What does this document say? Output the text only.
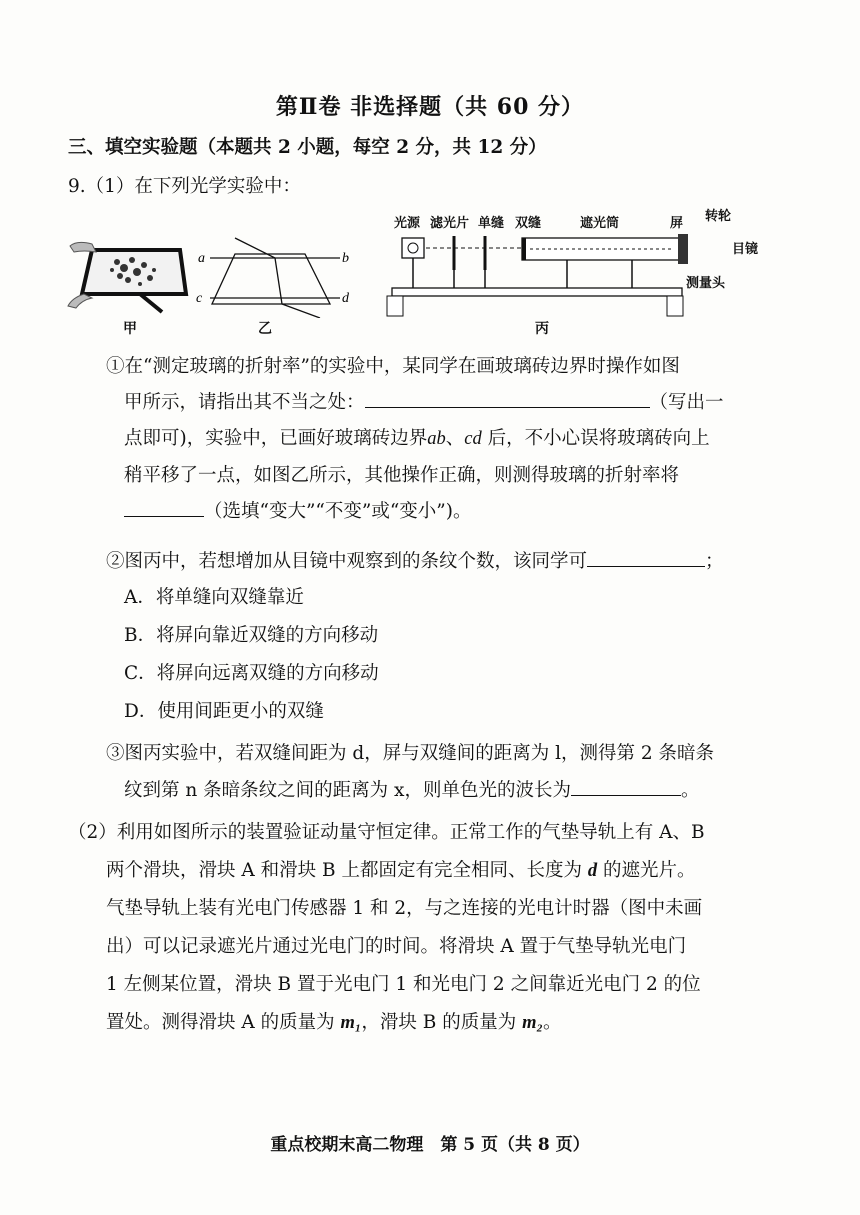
第Ⅱ卷 非选择题（共 60 分）
三、填空实验题（本题共 2 小题，每空 2 分，共 12 分）
9.（1）在下列光学实验中：
甲
a	b
c	d
乙
光源 滤光片 单缝 双缝	遮光筒	屏 转轮
目镜
测量头
丙
①在“测定玻璃的折射率”的实验中，某同学在画玻璃砖边界时操作如图
甲所示，请指出其不当之处：	（写出一
点即可)，实验中，已画好玻璃砖边界ab、cd 后，不小心误将玻璃砖向上
稍平移了一点，如图乙所示，其他操作正确，则测得玻璃的折射率将
（选填“变大”“不变”或“变小”)。
②图丙中，若想增加从目镜中观察到的条纹个数，该同学可	；
A．将单缝向双缝靠近
B．将屏向靠近双缝的方向移动
C．将屏向远离双缝的方向移动
D．使用间距更小的双缝
③图丙实验中，若双缝间距为 d，屏与双缝间的距离为 l，测得第 2 条暗条
纹到第 n 条暗条纹之间的距离为 x，则单色光的波长为	。
（2）利用如图所示的装置验证动量守恒定律。正常工作的气垫导轨上有 A、B
两个滑块，滑块 A 和滑块 B 上都固定有完全相同、长度为 d 的遮光片。
气垫导轨上装有光电门传感器 1 和 2，与之连接的光电计时器（图中未画
出）可以记录遮光片通过光电门的时间。将滑块 A 置于气垫导轨光电门
1 左侧某位置，滑块 B 置于光电门 1 和光电门 2 之间靠近光电门 2 的位
置处。测得滑块 A 的质量为 m₁，滑块 B 的质量为 m₂。
重点校期末高二物理　第 5 页（共 8 页）
